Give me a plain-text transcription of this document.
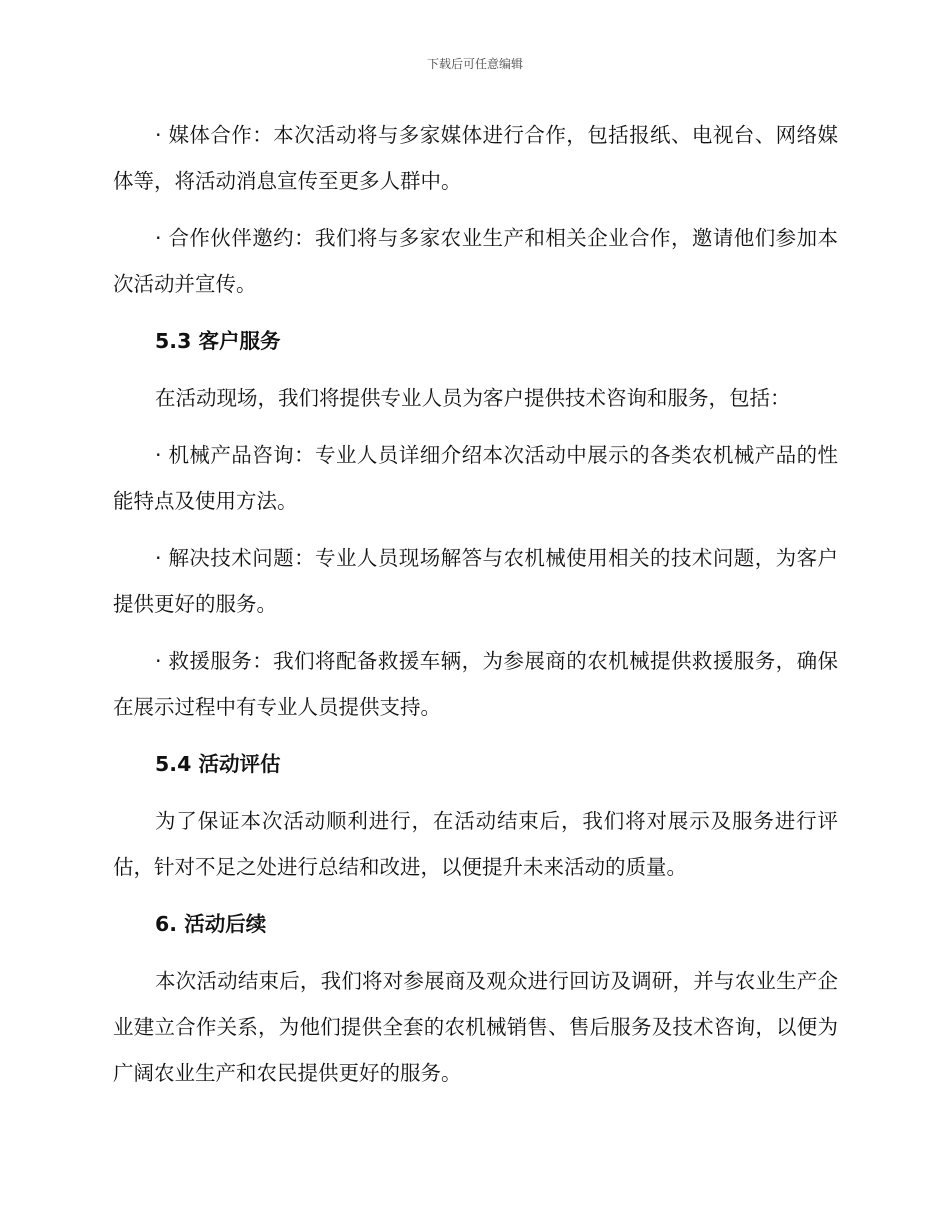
下载后可任意编辑

· 媒体合作：本次活动将与多家媒体进行合作，包括报纸、电视台、网络媒体等，将活动消息宣传至更多人群中。

· 合作伙伴邀约：我们将与多家农业生产和相关企业合作，邀请他们参加本次活动并宣传。

5.3 客户服务

在活动现场，我们将提供专业人员为客户提供技术咨询和服务，包括：

· 机械产品咨询：专业人员详细介绍本次活动中展示的各类农机械产品的性能特点及使用方法。

· 解决技术问题：专业人员现场解答与农机械使用相关的技术问题，为客户提供更好的服务。

· 救援服务：我们将配备救援车辆，为参展商的农机械提供救援服务，确保在展示过程中有专业人员提供支持。

5.4 活动评估

为了保证本次活动顺利进行，在活动结束后，我们将对展示及服务进行评估，针对不足之处进行总结和改进，以便提升未来活动的质量。

6. 活动后续

本次活动结束后，我们将对参展商及观众进行回访及调研，并与农业生产企业建立合作关系，为他们提供全套的农机械销售、售后服务及技术咨询，以便为广阔农业生产和农民提供更好的服务。
